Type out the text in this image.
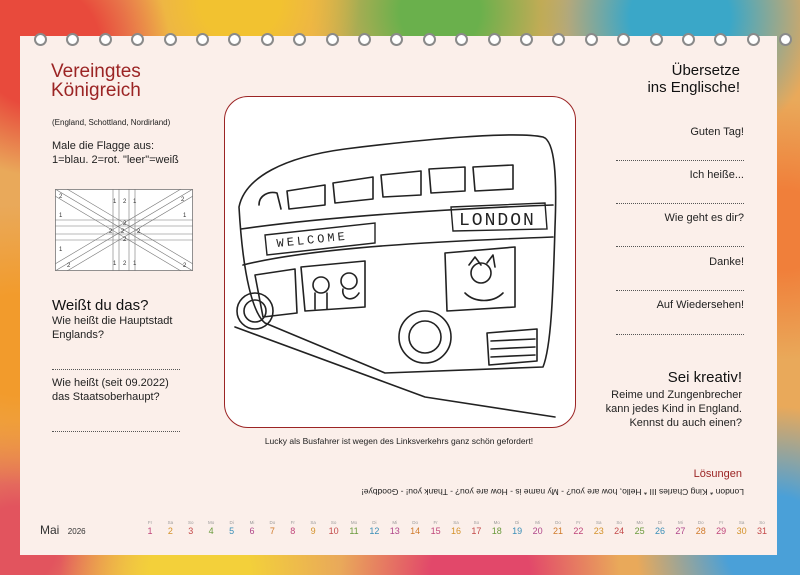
Vereingtes
Königreich
(England, Schottland, Nordirland)
Male die Flagge aus:
1=blau. 2=rot. "leer"=weiß
2
1 2 1	2
1	1
2 2 2
2
2
2
1
1 2 1	2
Weißt du das?
Wie heißt die Hauptstadt
Englands?
Wie heißt (seit 09.2022)
das Staatsoberhaupt?
WELCOME
LONDON
Lucky als Busfahrer ist wegen des Linksverkehrs ganz schön gefordert!
Übersetze
ins Englische!
Guten Tag!
Ich heiße...
Wie geht es dir?
Danke!
Auf Wiedersehen!
Sei kreativ!
Reime und Zungenbrecher
kann jedes Kind in England.
Kennst du auch einen?
Lösungen
London * King Charles III * Hello, how are you? - My name is - How are you? - Thank you! - Goodbye!
Mai 2026
Fr
1
Sa
2
So
3
Mo
4
Di
5
Mi
6
Do
7
Fr
8
Sa
9
So
10
Mo
11
Di
12
Mi
13
Do
14
Fr
15
Sa
16
So
17
Mo
18
Di
19
Mi
20
Do
21
Fr
22
Sa
23
So
24
Mo
25
Di
26
Mi
27
Do
28
Fr
29
Sa
30
So
31
